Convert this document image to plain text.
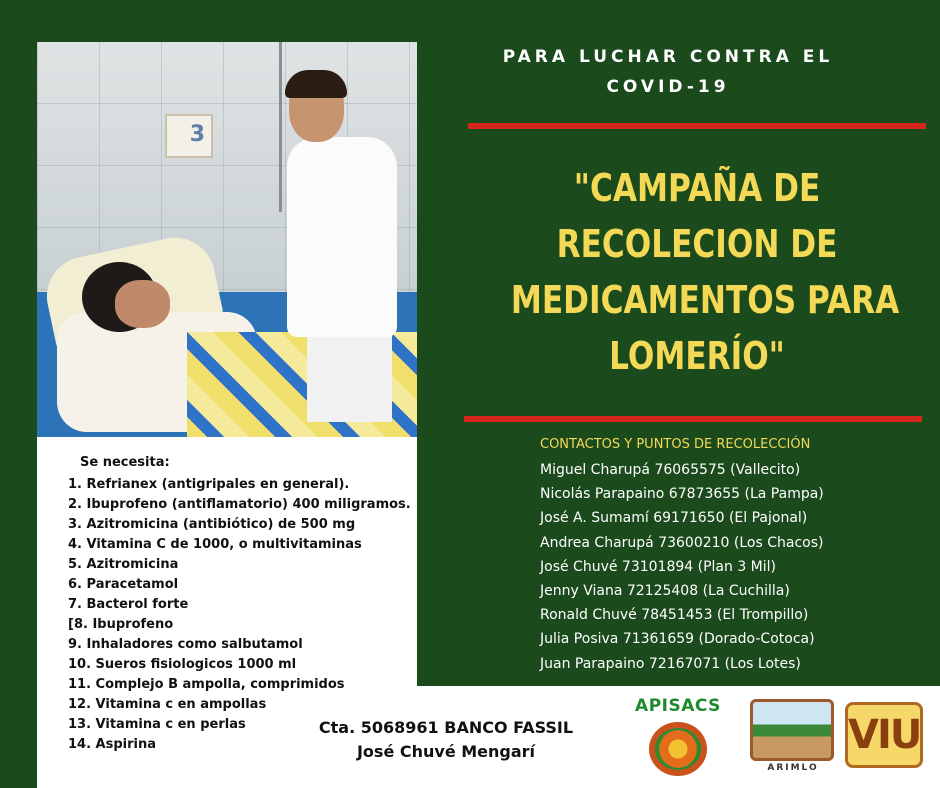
3
Se necesita:
1. Refrianex (antigripales en general).
2. Ibuprofeno (antiflamatorio) 400 miligramos.
3. Azitromicina (antibiótico) de 500 mg
4. Vitamina C de 1000, o multivitaminas
5. Azitromicina
6. Paracetamol
7. Bacterol forte
[8. Ibuprofeno
9. Inhaladores como salbutamol
10. Sueros fisiologicos 1000 ml
11. Complejo B ampolla, comprimidos
12. Vitamina c en ampollas
13. Vitamina c en perlas
14. Aspirina
Cta. 5068961 BANCO FASSIL
José Chuvé Mengarí
APISACS
ARIMLO
VIU
PARA LUCHAR CONTRA EL
COVID-19
"CAMPAÑA DE
RECOLECION DE
MEDICAMENTOS PARA
LOMERÍO"
CONTACTOS Y PUNTOS DE RECOLECCIÓN
Miguel Charupá 76065575 (Vallecito)
Nicolás Parapaino 67873655 (La Pampa)
José A. Sumamí 69171650 (El Pajonal)
Andrea Charupá 73600210 (Los Chacos)
José Chuvé 73101894 (Plan 3 Mil)
Jenny Viana 72125408 (La Cuchilla)
Ronald Chuvé 78451453 (El Trompillo)
Julia Posiva 71361659 (Dorado-Cotoca)
Juan Parapaino 72167071 (Los Lotes)
